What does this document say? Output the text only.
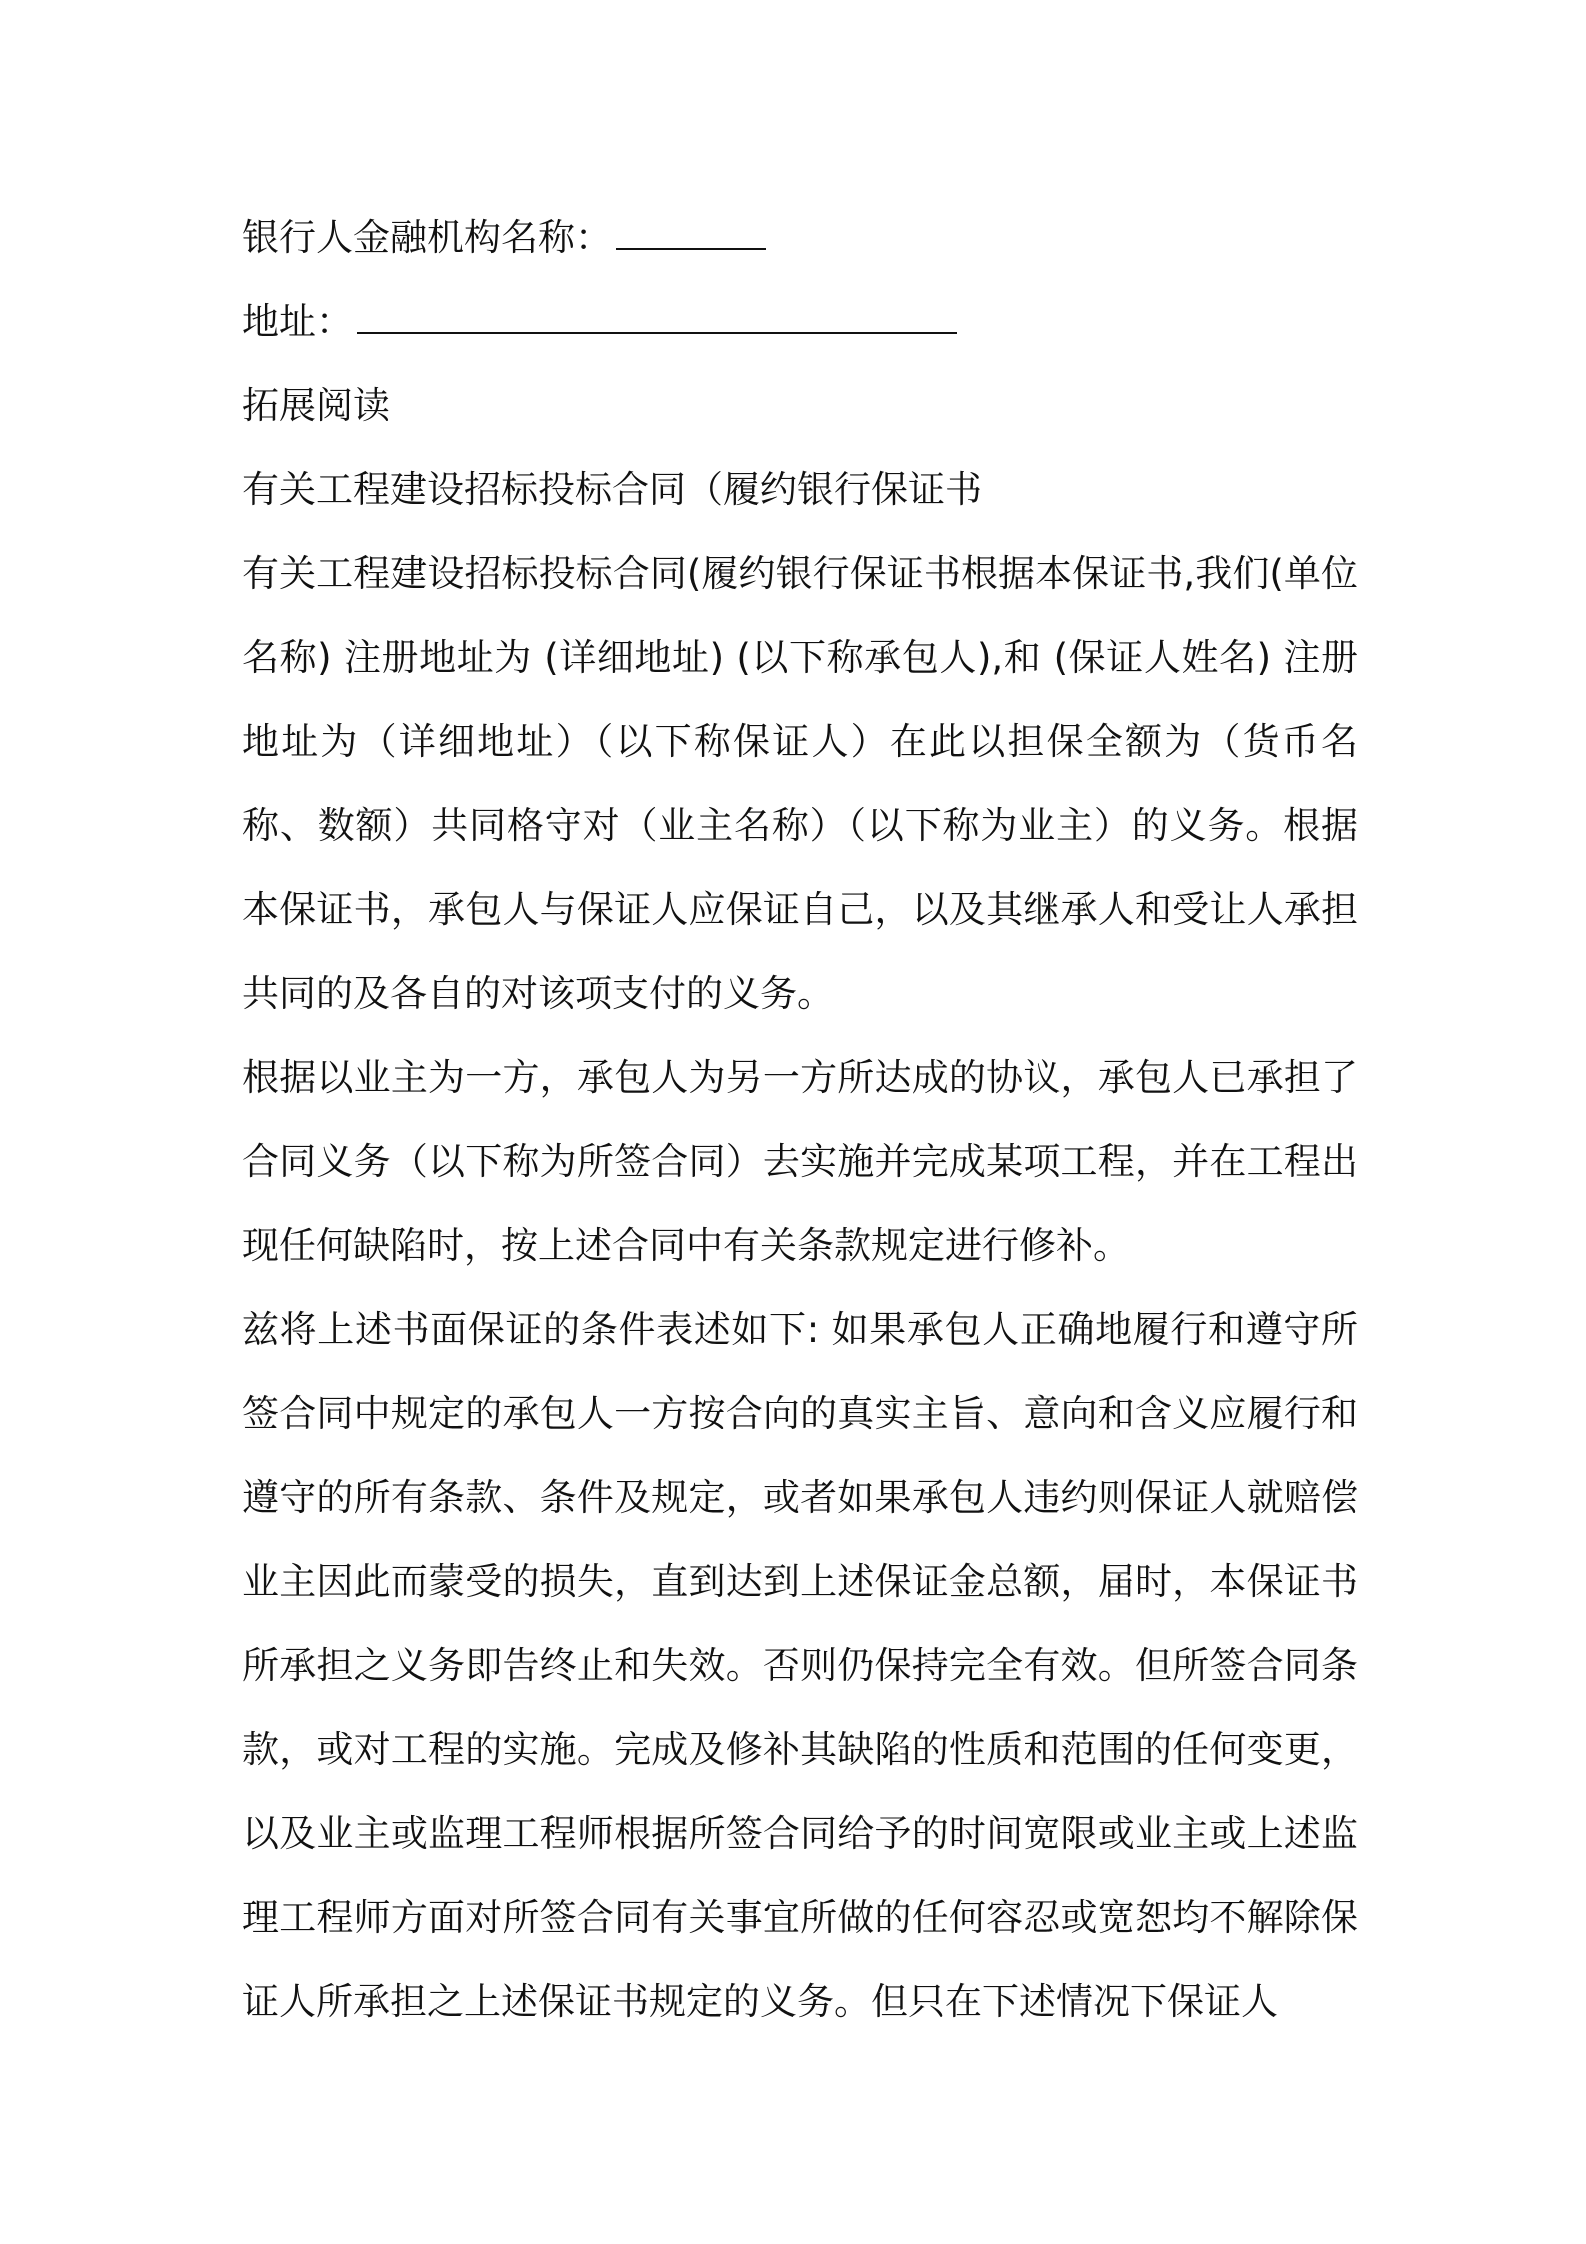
银行人金融机构名称：
地址：
拓展阅读
有关工程建设招标投标合同（履约银行保证书

有关工程建设招标投标合同(履约银行保证书根据本保证书,我们(单位名称) 注册地址为 (详细地址) (以下称承包人),和 (保证人姓名) 注册地址为（详细地址）（以下称保证人）在此以担保全额为（货币名称、数额）共同格守对（业主名称）（以下称为业主）的义务。根据本保证书，承包人与保证人应保证自己，以及其继承人和受让人承担共同的及各自的对该项支付的义务。

根据以业主为一方，承包人为另一方所达成的协议，承包人已承担了合同义务（以下称为所签合同）去实施并完成某项工程，并在工程出现任何缺陷时，按上述合同中有关条款规定进行修补。

兹将上述书面保证的条件表述如下: 如果承包人正确地履行和遵守所签合同中规定的承包人一方按合向的真实主旨、意向和含义应履行和遵守的所有条款、条件及规定，或者如果承包人违约则保证人就赔偿业主因此而蒙受的损失，直到达到上述保证金总额，届时，本保证书所承担之义务即告终止和失效。否则仍保持完全有效。但所签合同条款，或对工程的实施。完成及修补其缺陷的性质和范围的任何变更，以及业主或监理工程师根据所签合同给予的时间宽限或业主或上述监理工程师方面对所签合同有关事宜所做的任何容忍或宽恕均不解除保证人所承担之上述保证书规定的义务。但只在下述情况下保证人
